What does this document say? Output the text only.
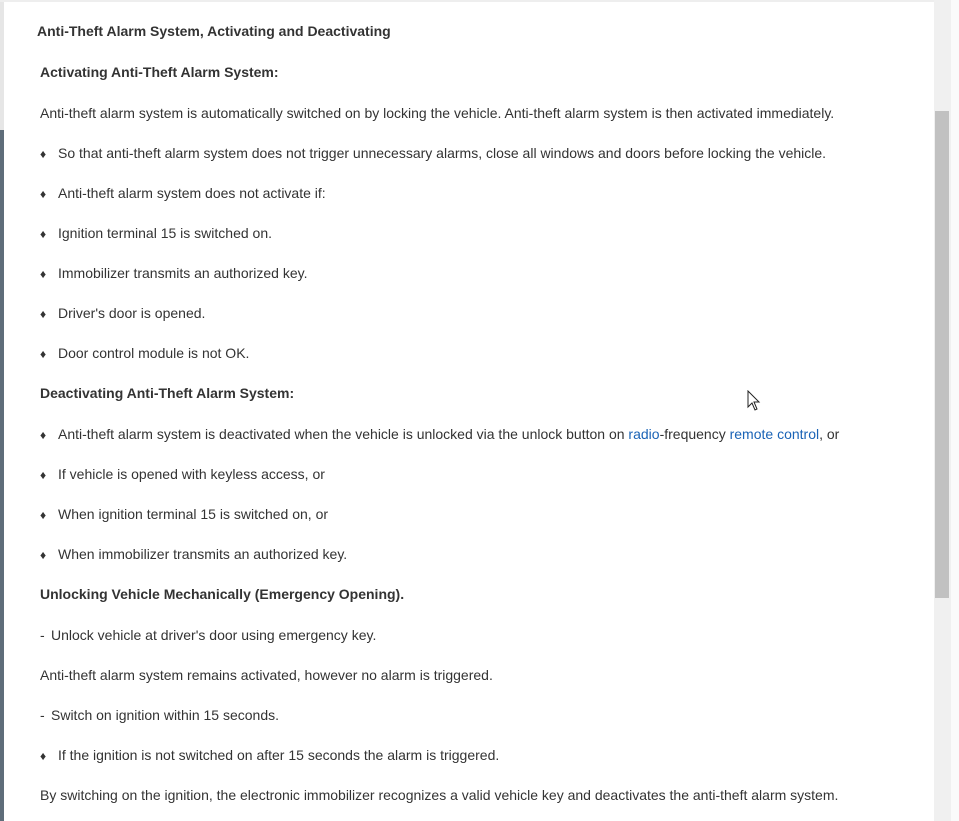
Anti-Theft Alarm System, Activating and Deactivating
Activating Anti-Theft Alarm System:
Anti-theft alarm system is automatically switched on by locking the vehicle. Anti-theft alarm system is then activated immediately.
♦ So that anti-theft alarm system does not trigger unnecessary alarms, close all windows and doors before locking the vehicle.
♦ Anti-theft alarm system does not activate if:
♦ Ignition terminal 15 is switched on.
♦ Immobilizer transmits an authorized key.
♦ Driver's door is opened.
♦ Door control module is not OK.
Deactivating Anti-Theft Alarm System:
♦ Anti-theft alarm system is deactivated when the vehicle is unlocked via the unlock button on radio-frequency remote control, or
♦ If vehicle is opened with keyless access, or
♦ When ignition terminal 15 is switched on, or
♦ When immobilizer transmits an authorized key.
Unlocking Vehicle Mechanically (Emergency Opening).
- Unlock vehicle at driver's door using emergency key.
Anti-theft alarm system remains activated, however no alarm is triggered.
- Switch on ignition within 15 seconds.
♦ If the ignition is not switched on after 15 seconds the alarm is triggered.
By switching on the ignition, the electronic immobilizer recognizes a valid vehicle key and deactivates the anti-theft alarm system.
